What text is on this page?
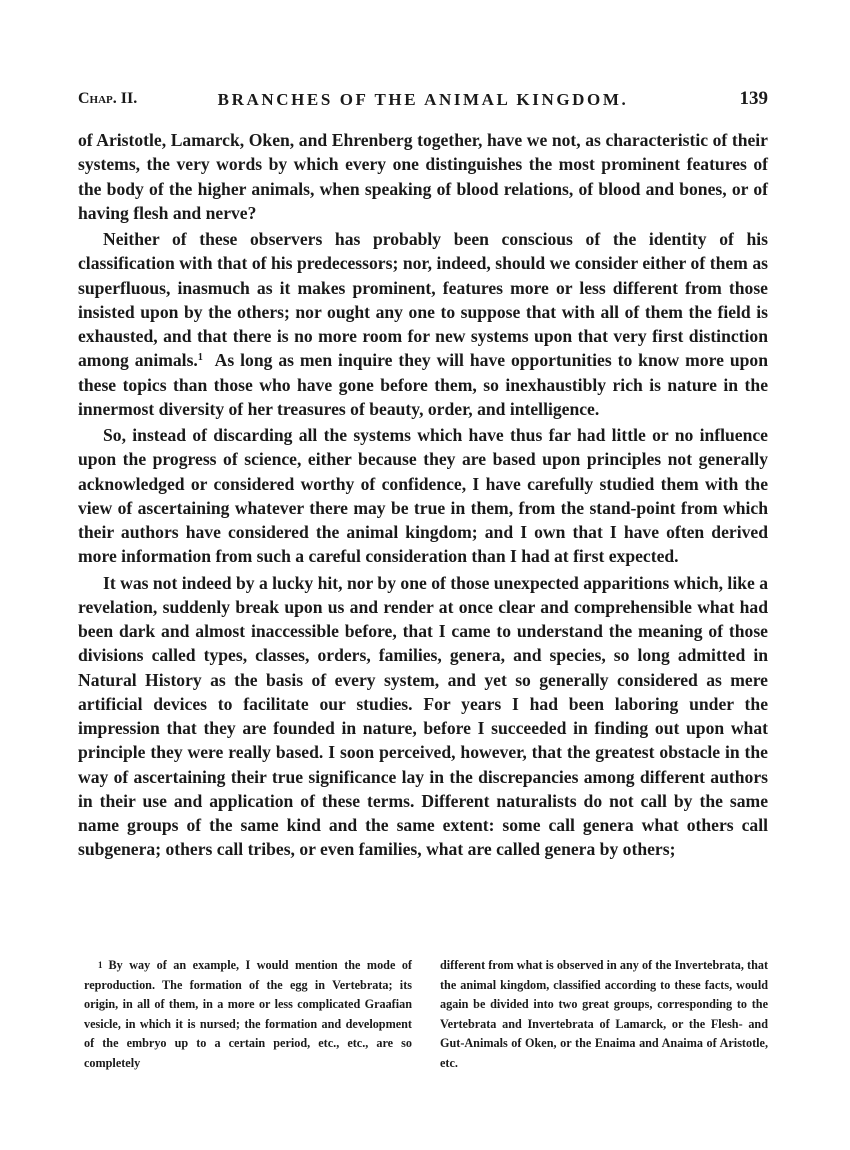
Chap. II.	BRANCHES OF THE ANIMAL KINGDOM.	139

of Aristotle, Lamarck, Oken, and Ehrenberg together, have we not, as characteristic of their systems, the very words by which every one distinguishes the most prominent features of the body of the higher animals, when speaking of blood relations, of blood and bones, or of having flesh and nerve?

Neither of these observers has probably been conscious of the identity of his classification with that of his predecessors; nor, indeed, should we consider either of them as superfluous, inasmuch as it makes prominent, features more or less different from those insisted upon by the others; nor ought any one to suppose that with all of them the field is exhausted, and that there is no more room for new systems upon that very first distinction among animals.$^1$ As long as men inquire they will have opportunities to know more upon these topics than those who have gone before them, so inexhaustibly rich is nature in the innermost diversity of her treasures of beauty, order, and intelligence.

So, instead of discarding all the systems which have thus far had little or no influence upon the progress of science, either because they are based upon principles not generally acknowledged or considered worthy of confidence, I have carefully studied them with the view of ascertaining whatever there may be true in them, from the stand-point from which their authors have considered the animal kingdom; and I own that I have often derived more information from such a careful consideration than I had at first expected.

It was not indeed by a lucky hit, nor by one of those unexpected apparitions which, like a revelation, suddenly break upon us and render at once clear and comprehensible what had been dark and almost inaccessible before, that I came to understand the meaning of those divisions called types, classes, orders, families, genera, and species, so long admitted in Natural History as the basis of every system, and yet so generally considered as mere artificial devices to facilitate our studies. For years I had been laboring under the impression that they are founded in nature, before I succeeded in finding out upon what principle they were really based. I soon perceived, however, that the greatest obstacle in the way of ascertaining their true significance lay in the discrepancies among different authors in their use and application of these terms. Different naturalists do not call by the same name groups of the same kind and the same extent: some call genera what others call subgenera; others call tribes, or even families, what are called genera by others;

$^1$ By way of an example, I would mention the mode of reproduction. The formation of the egg in Vertebrata; its origin, in all of them, in a more or less complicated Graafian vesicle, in which it is nursed; the formation and development of the embryo up to a certain period, etc., etc., are so completely
different from what is observed in any of the Invertebrata, that the animal kingdom, classified according to these facts, would again be divided into two great groups, corresponding to the Vertebrata and Invertebrata of Lamarck, or the Flesh- and Gut-Animals of Oken, or the Enaima and Anaima of Aristotle, etc.
